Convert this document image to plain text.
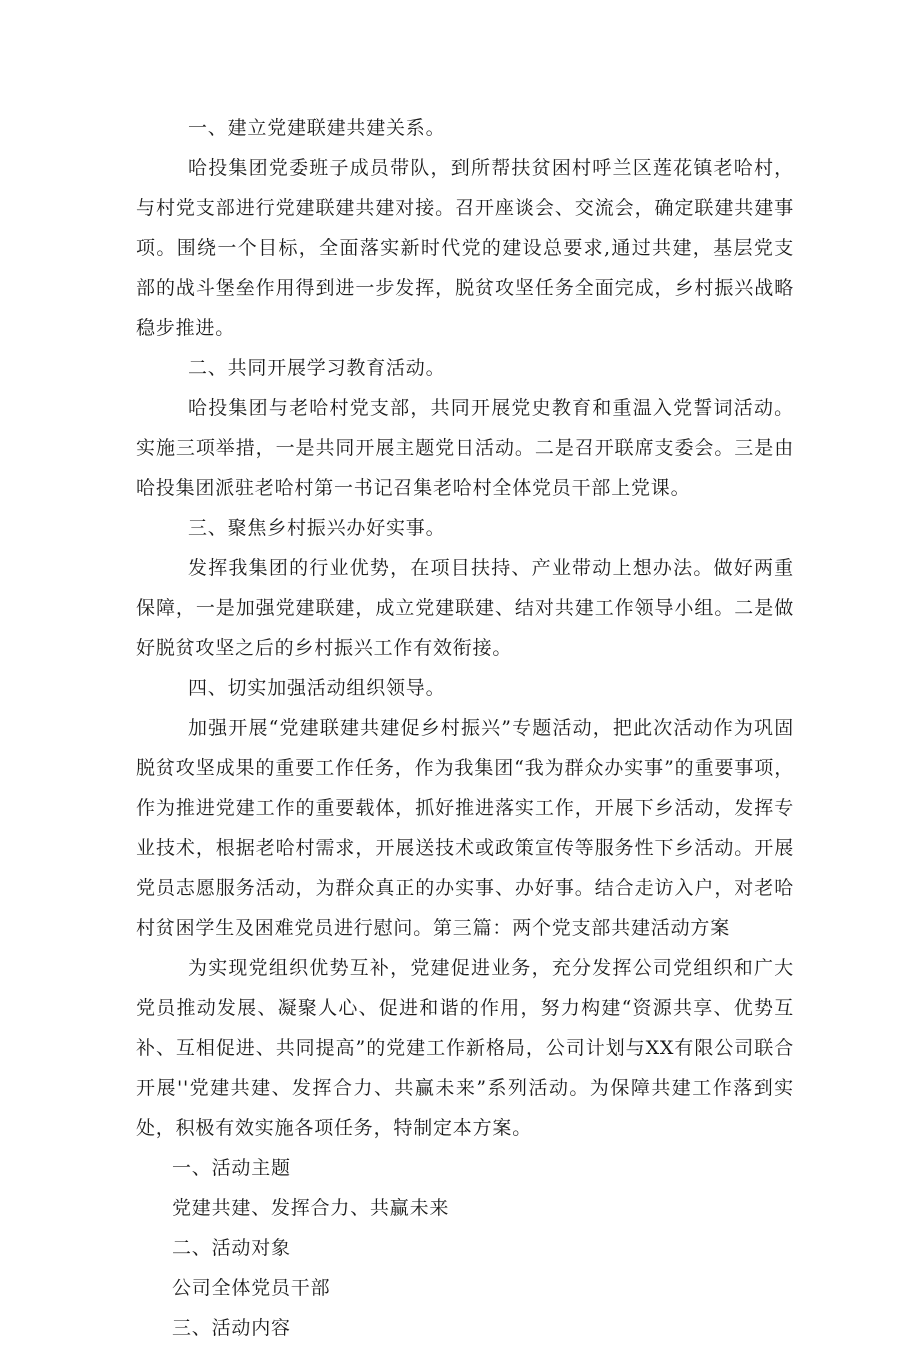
一、建立党建联建共建关系。

哈投集团党委班子成员带队，到所帮扶贫困村呼兰区莲花镇老哈村，与村党支部进行党建联建共建对接。召开座谈会、交流会，确定联建共建事项。围绕一个目标，全面落实新时代党的建设总要求,通过共建，基层党支部的战斗堡垒作用得到进一步发挥，脱贫攻坚任务全面完成，乡村振兴战略稳步推进。

二、共同开展学习教育活动。

哈投集团与老哈村党支部，共同开展党史教育和重温入党誓词活动。实施三项举措，一是共同开展主题党日活动。二是召开联席支委会。三是由哈投集团派驻老哈村第一书记召集老哈村全体党员干部上党课。

三、聚焦乡村振兴办好实事。

发挥我集团的行业优势，在项目扶持、产业带动上想办法。做好两重保障，一是加强党建联建，成立党建联建、结对共建工作领导小组。二是做好脱贫攻坚之后的乡村振兴工作有效衔接。

四、切实加强活动组织领导。

加强开展“党建联建共建促乡村振兴”专题活动，把此次活动作为巩固脱贫攻坚成果的重要工作任务，作为我集团“我为群众办实事”的重要事项，作为推进党建工作的重要载体，抓好推进落实工作，开展下乡活动，发挥专业技术，根据老哈村需求，开展送技术或政策宣传等服务性下乡活动。开展党员志愿服务活动，为群众真正的办实事、办好事。结合走访入户，对老哈村贫困学生及困难党员进行慰问。第三篇：两个党支部共建活动方案

为实现党组织优势互补，党建促进业务，充分发挥公司党组织和广大党员推动发展、凝聚人心、促进和谐的作用，努力构建“资源共享、优势互补、互相促进、共同提高”的党建工作新格局，公司计划与XX有限公司联合开展''党建共建、发挥合力、共赢未来”系列活动。为保障共建工作落到实处，积极有效实施各项任务，特制定本方案。

一、活动主题

党建共建、发挥合力、共赢未来

二、活动对象

公司全体党员干部

三、活动内容
